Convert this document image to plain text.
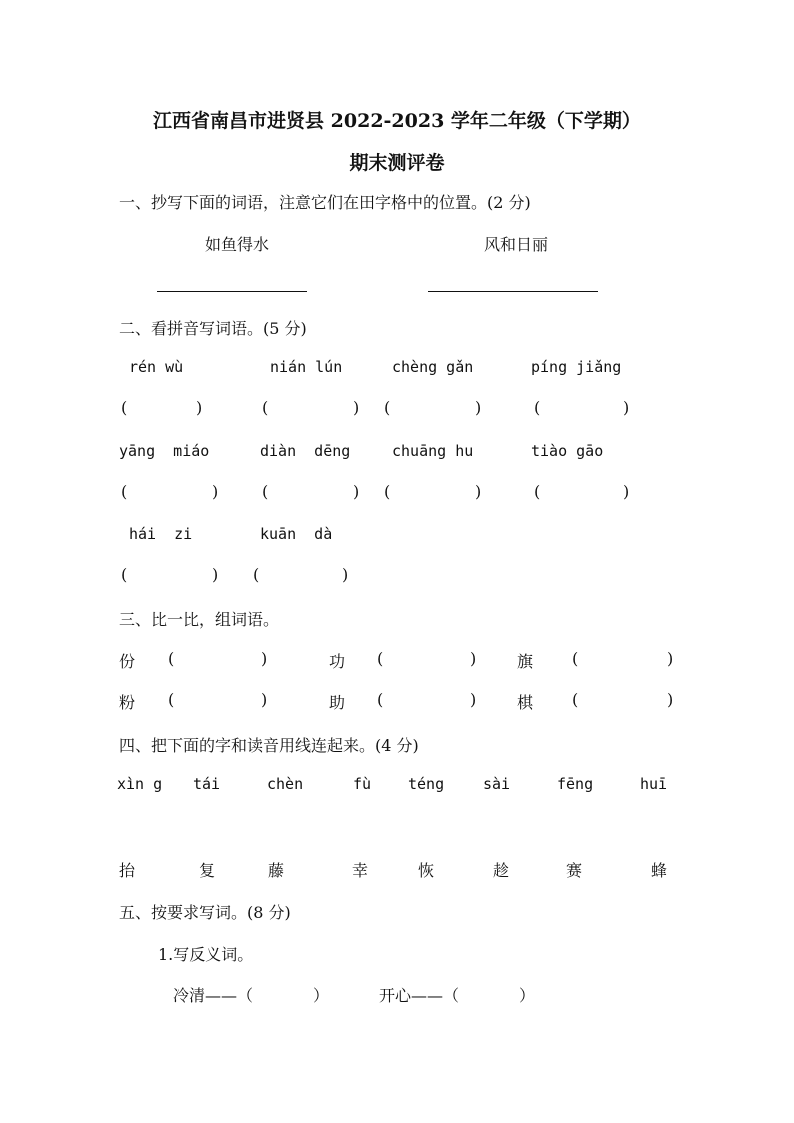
江西省南昌市进贤县 2022-2023 学年二年级（下学期）
期末测评卷
一、抄写下面的词语，注意它们在田字格中的位置。(2 分)
如鱼得水	风和日丽
二、看拼音写词语。(5 分)
rén wù	nián lún	chèng gǎn	píng jiǎng
(	)	(	) (	)	(	)
yāng  miáo	diàn  dēng	chuāng hu	tiào gāo
(	)	(	) (	)	(	)
hái  zi	kuān  dà
(	) (	)
三、比一比，组词语。
份 (	)	功 (	)	旗 (	)
粉 (	)	助 (	)	棋 (	)
四、把下面的字和读音用线连起来。(4 分)
xìn g tái	chèn	fù téng	sài	fēng	huī
抬	复	藤	幸	恢	趁	赛	蜂
五、按要求写词。(8 分)
1.写反义词。
冷清——（	）	开心——（	）
